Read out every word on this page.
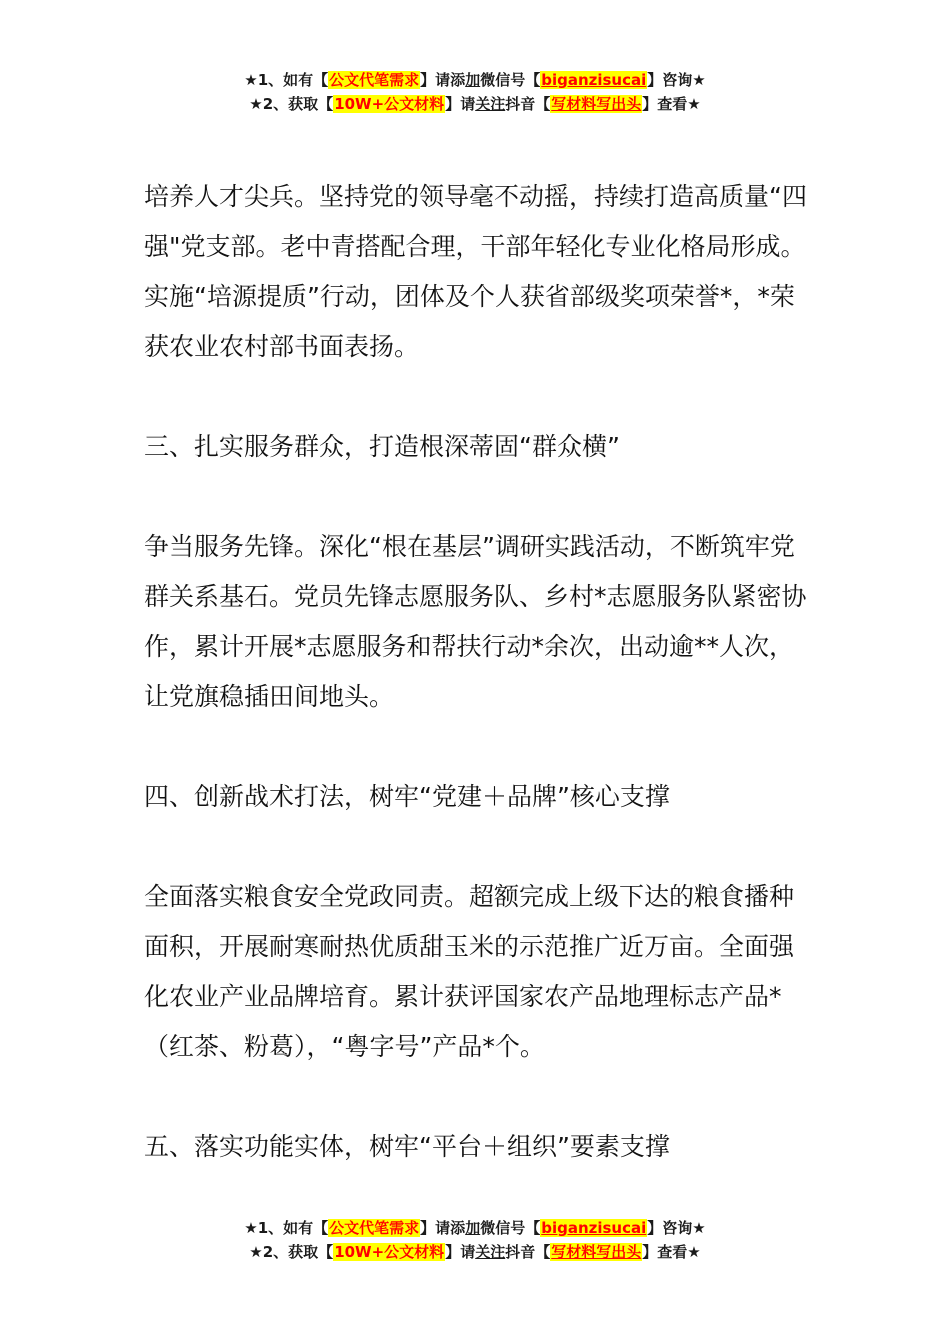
★1、如有【公文代笔需求】请添加微信号【biganzisucai】咨询★
★2、获取【10W+公文材料】请关注抖音【写材料写出头】查看★

培养人才尖兵。坚持党的领导毫不动摇，持续打造高质量“四强"党支部。老中青搭配合理，干部年轻化专业化格局形成。实施“培源提质”行动，团体及个人获省部级奖项荣誉*，*荣获农业农村部书面表扬。

三、扎实服务群众，打造根深蒂固“群众横”

争当服务先锋。深化“根在基层”调研实践活动，不断筑牢党群关系基石。党员先锋志愿服务队、乡村*志愿服务队紧密协作，累计开展*志愿服务和帮扶行动*余次，出动逾**人次，让党旗稳插田间地头。

四、创新战术打法，树牢“党建＋品牌”核心支撑

全面落实粮食安全党政同责。超额完成上级下达的粮食播种面积，开展耐寒耐热优质甜玉米的示范推广近万亩。全面强化农业产业品牌培育。累计获评国家农产品地理标志产品*（红茶、粉葛），“粤字号”产品*个。

五、落实功能实体，树牢“平台＋组织”要素支撑

★1、如有【公文代笔需求】请添加微信号【biganzisucai】咨询★
★2、获取【10W+公文材料】请关注抖音【写材料写出头】查看★
